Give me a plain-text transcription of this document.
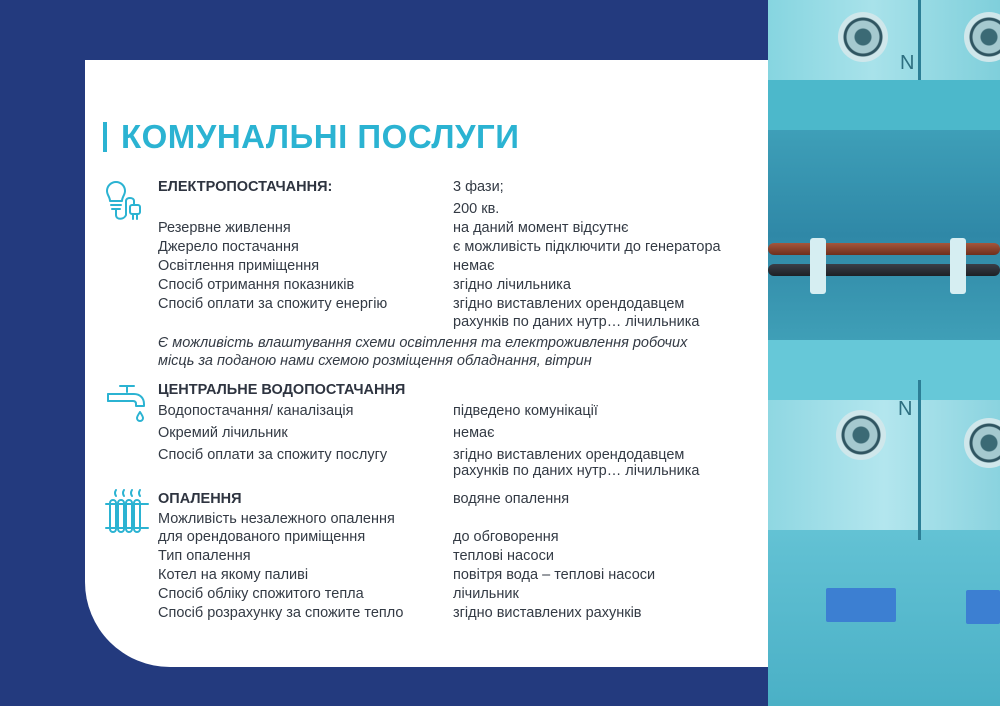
N
N
КОМУНАЛЬНІ ПОСЛУГИ
ЕЛЕКТРОПОСТАЧАННЯ:	3 фази;
200 кв.
Резервне живлення	на даний момент відсутнє
Джерело постачання	є можливість підключити до генератора
Освітлення приміщення	немає
Спосіб отримання показників	згідно лічильника
Спосіб оплати за спожиту енергію	згідно виставлених орендодавцем
рахунків по даних нутр… лічильника
Є можливість влаштування схеми освітлення та електроживлення робочих
місць за поданою нами схемою розміщення обладнання, вітрин
ЦЕНТРАЛЬНЕ ВОДОПОСТАЧАННЯ
Водопостачання/ каналізація	підведено комунікації
Окремий лічильник	немає
Спосіб оплати за спожиту послугу	згідно виставлених орендодавцем
рахунків по даних нутр… лічильника
ОПАЛЕННЯ	водяне опалення
Можливість незалежного опалення
для орендованого приміщення	до обговорення
Тип опалення	теплові насоси
Котел на якому паливі	повітря вода – теплові насоси
Спосіб обліку спожитого тепла	лічильник
Спосіб розрахунку за спожите тепло	згідно виставлених рахунків
